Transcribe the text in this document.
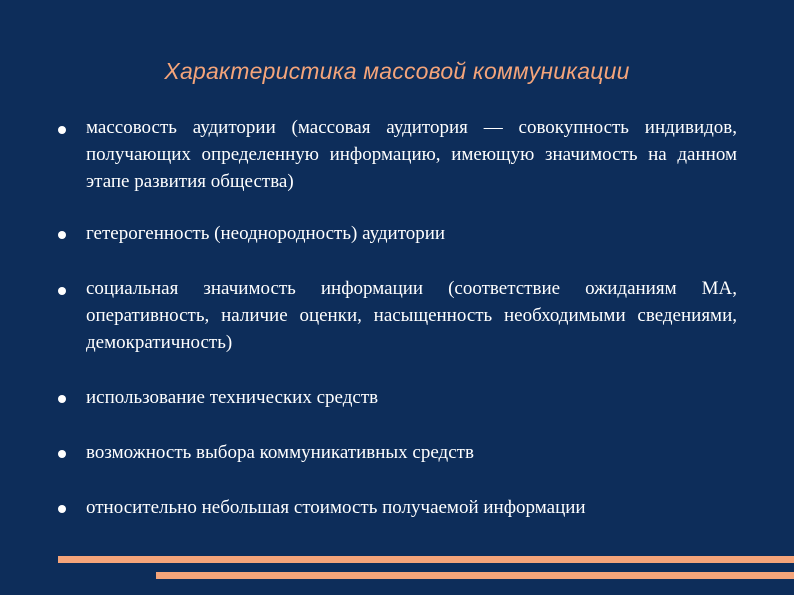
Характеристика массовой коммуникации
массовость аудитории (массовая аудитория — совокупность индивидов, получающих определенную информацию, имеющую значимость на данном этапе развития общества)
гетерогенность (неоднородность) аудитории
социальная значимость информации (соответствие ожиданиям МА, оперативность, наличие оценки, насыщенность необходимыми сведениями, демократичность)
использование технических средств
возможность выбора коммуникативных средств
относительно небольшая стоимость получаемой информации
